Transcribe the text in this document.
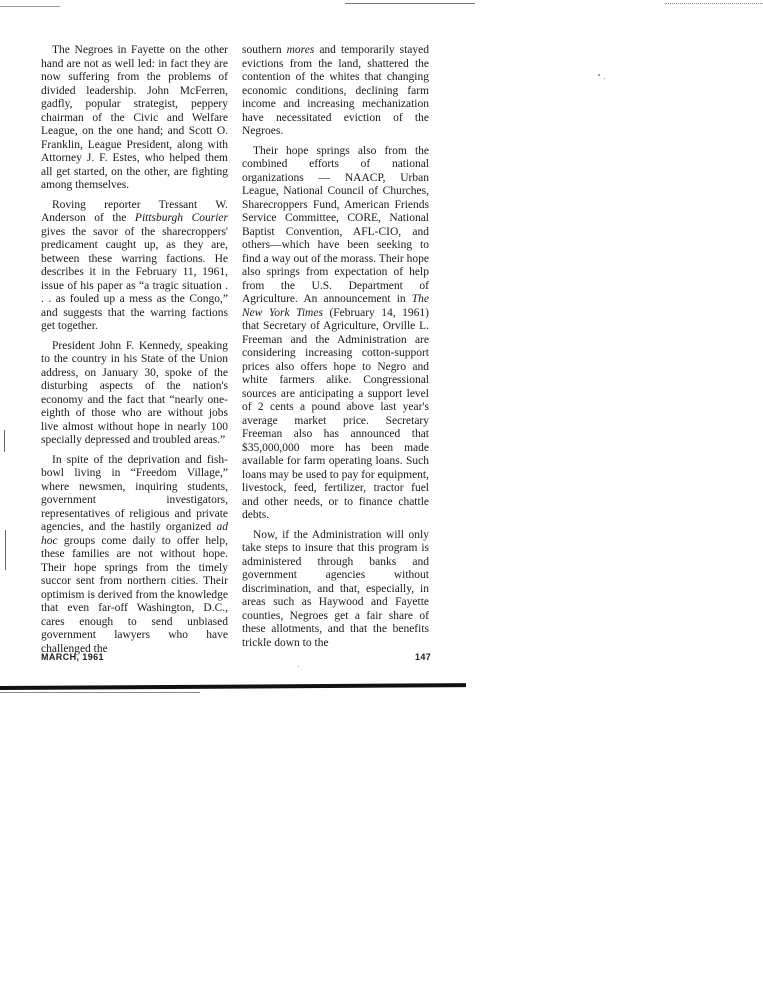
The Negroes in Fayette on the other hand are not as well led: in fact they are now suffering from the problems of divided leadership. John McFerren, gadfly, popular strategist, peppery chairman of the Civic and Welfare League, on the one hand; and Scott O. Franklin, League President, along with Attorney J. F. Estes, who helped them all get started, on the other, are fighting among themselves.

Roving reporter Tressant W. Anderson of the Pittsburgh Courier gives the savor of the sharecroppers' predicament caught up, as they are, between these warring factions. He describes it in the February 11, 1961, issue of his paper as “a tragic situation . . . as fouled up a mess as the Congo,” and suggests that the warring factions get together.

President John F. Kennedy, speaking to the country in his State of the Union address, on January 30, spoke of the disturbing aspects of the nation's economy and the fact that “nearly one-eighth of those who are without jobs live almost without hope in nearly 100 specially depressed and troubled areas.”

In spite of the deprivation and fish-bowl living in “Freedom Village,” where newsmen, inquiring students, government investigators, representatives of religious and private agencies, and the hastily organized ad hoc groups come daily to offer help, these families are not without hope. Their hope springs from the timely succor sent from northern cities. Their optimism is derived from the knowledge that even far-off Washington, D.C., cares enough to send unbiased government lawyers who have challenged the

southern mores and temporarily stayed evictions from the land, shattered the contention of the whites that changing economic conditions, declining farm income and increasing mechanization have necessitated eviction of the Negroes.

Their hope springs also from the combined efforts of national organizations — NAACP, Urban League, National Council of Churches, Sharecroppers Fund, American Friends Service Committee, CORE, National Baptist Convention, AFL-CIO, and others—which have been seeking to find a way out of the morass. Their hope also springs from expectation of help from the U.S. Department of Agriculture. An announcement in The New York Times (February 14, 1961) that Secretary of Agriculture, Orville L. Freeman and the Administration are considering increasing cotton-support prices also offers hope to Negro and white farmers alike. Congressional sources are anticipating a support level of 2 cents a pound above last year's average market price. Secretary Freeman also has announced that $35,000,000 more has been made available for farm operating loans. Such loans may be used to pay for equipment, livestock, feed, fertilizer, tractor fuel and other needs, or to finance chattle debts.

Now, if the Administration will only take steps to insure that this program is administered through banks and government agencies without discrimination, and that, especially, in areas such as Haywood and Fayette counties, Negroes get a fair share of these allotments, and that the benefits trickle down to the

MARCH, 1961	147
